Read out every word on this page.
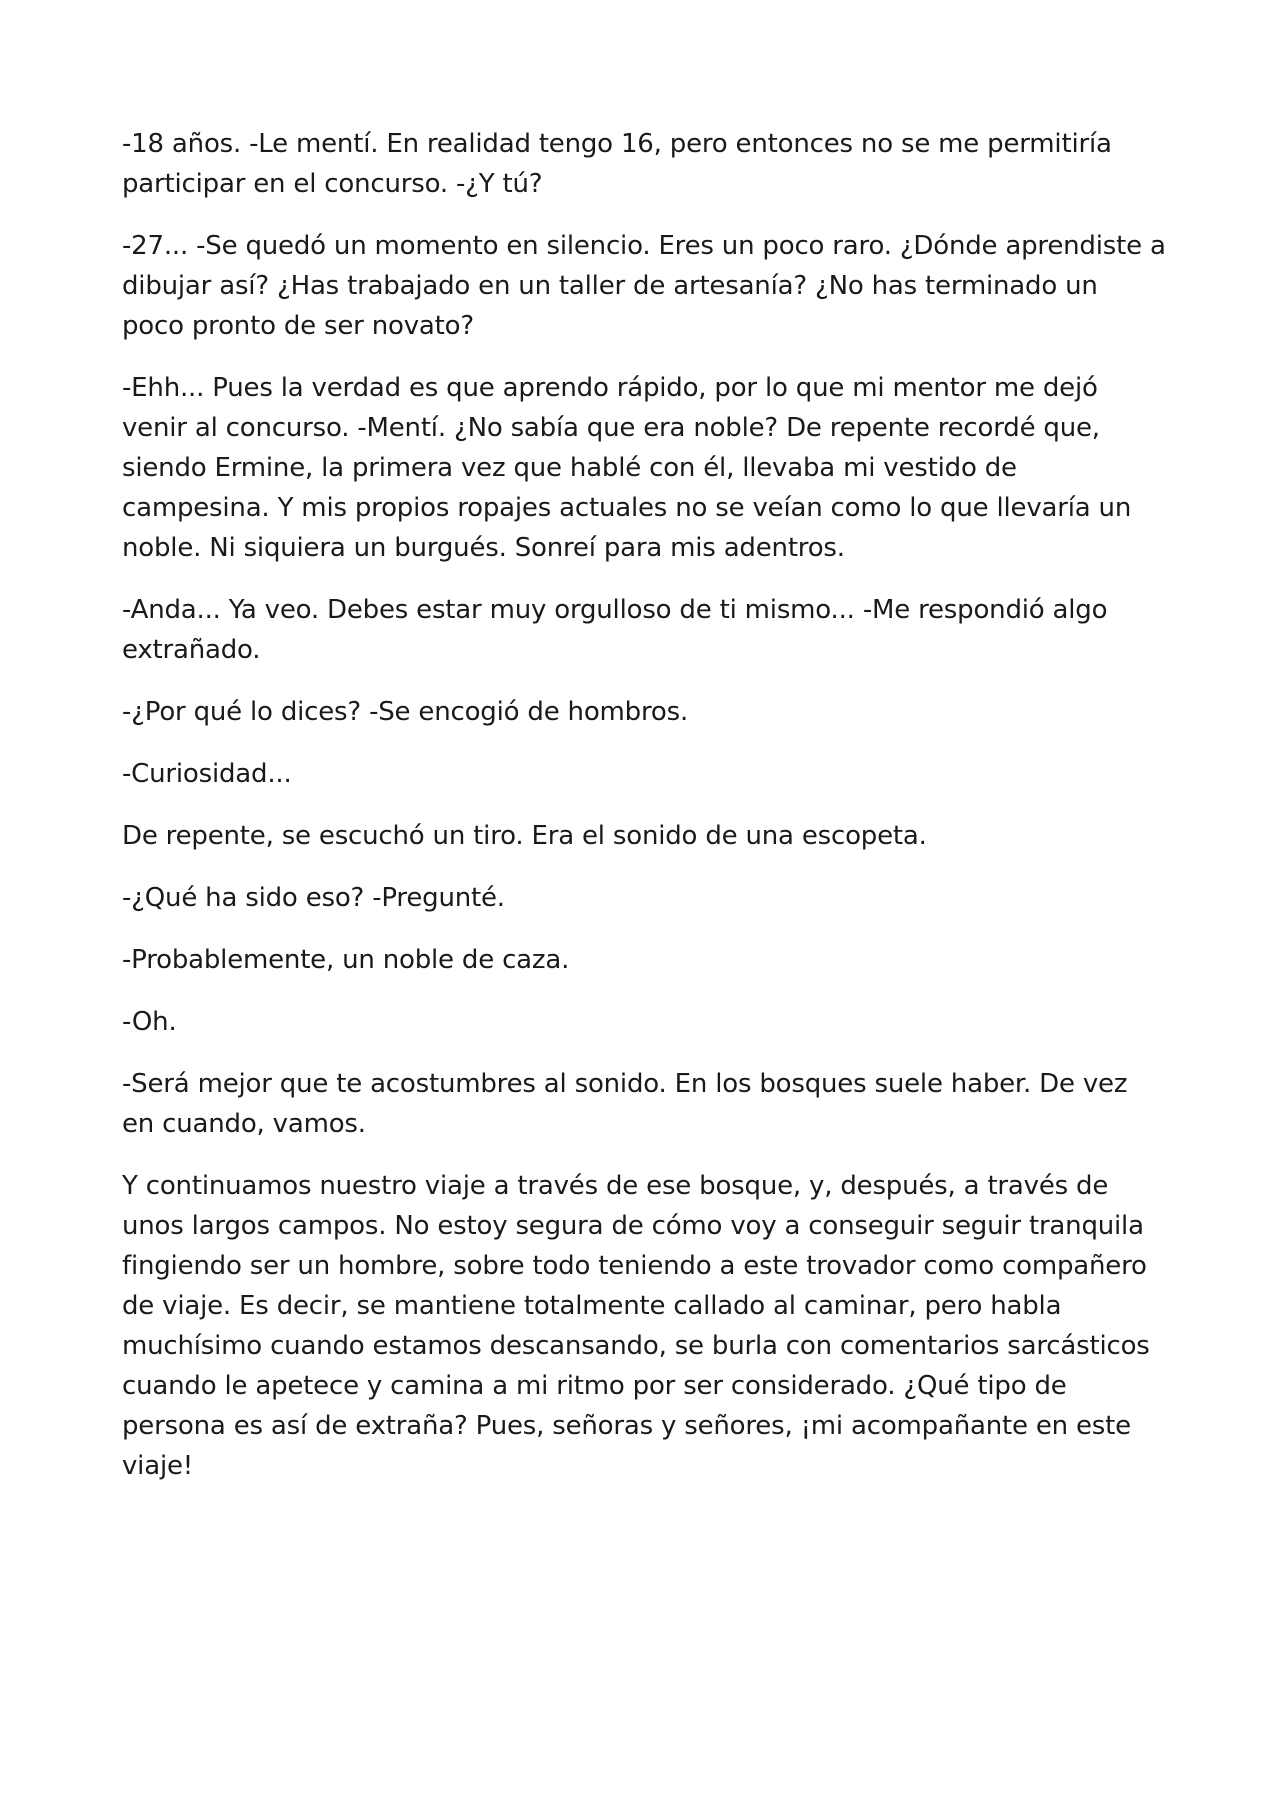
-18 años. -Le mentí. En realidad tengo 16, pero entonces no se me permitiría participar en el concurso. -¿Y tú?

-27... -Se quedó un momento en silencio. Eres un poco raro. ¿Dónde aprendiste a dibujar así? ¿Has trabajado en un taller de artesanía? ¿No has terminado un poco pronto de ser novato?

-Ehh... Pues la verdad es que aprendo rápido, por lo que mi mentor me dejó venir al concurso. -Mentí. ¿No sabía que era noble? De repente recordé que, siendo Ermine, la primera vez que hablé con él, llevaba mi vestido de campesina. Y mis propios ropajes actuales no se veían como lo que llevaría un noble. Ni siquiera un burgués. Sonreí para mis adentros.

-Anda... Ya veo. Debes estar muy orgulloso de ti mismo... -Me respondió algo extrañado.

-¿Por qué lo dices? -Se encogió de hombros.

-Curiosidad...

De repente, se escuchó un tiro. Era el sonido de una escopeta.

-¿Qué ha sido eso? -Pregunté.

-Probablemente, un noble de caza.

-Oh.

-Será mejor que te acostumbres al sonido. En los bosques suele haber. De vez en cuando, vamos.

Y continuamos nuestro viaje a través de ese bosque, y, después, a través de unos largos campos. No estoy segura de cómo voy a conseguir seguir tranquila fingiendo ser un hombre, sobre todo teniendo a este trovador como compañero de viaje. Es decir, se mantiene totalmente callado al caminar, pero habla muchísimo cuando estamos descansando, se burla con comentarios sarcásticos cuando le apetece y camina a mi ritmo por ser considerado. ¿Qué tipo de persona es así de extraña? Pues, señoras y señores, ¡mi acompañante en este viaje!
